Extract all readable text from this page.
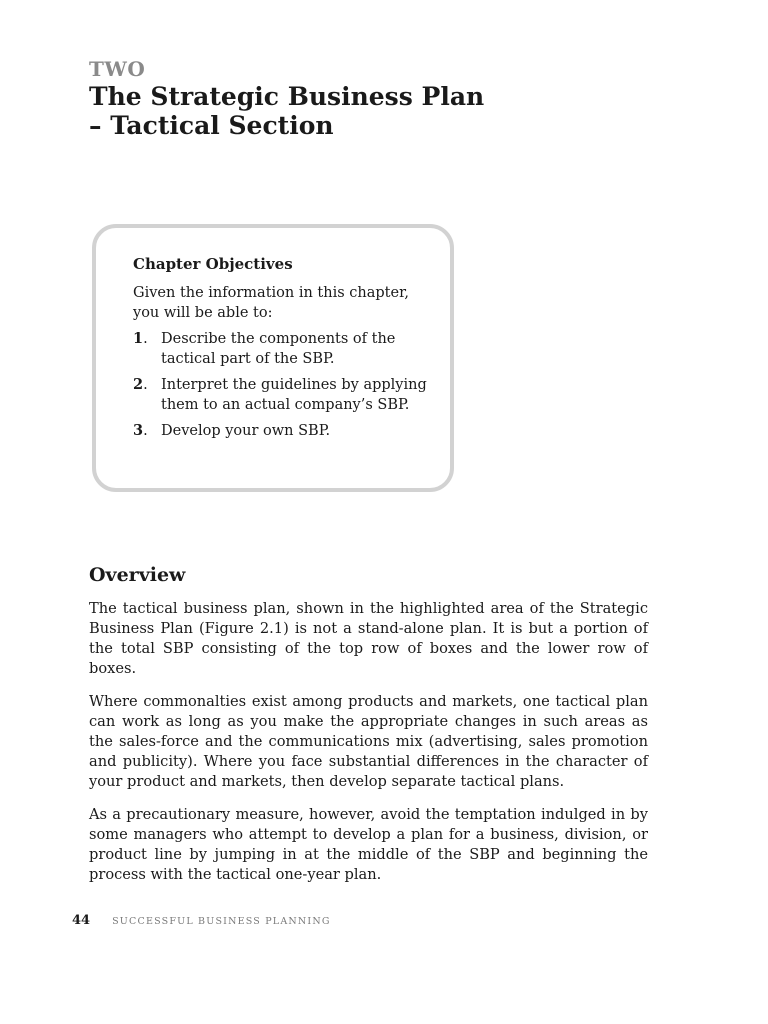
TWO
The Strategic Business Plan
– Tactical Section
Chapter Objectives

Given the information in this chapter, you will be able to:

1. Describe the components of the tactical part of the SBP.
2. Interpret the guidelines by applying them to an actual company’s SBP.
3. Develop your own SBP.
Overview

The tactical business plan, shown in the highlighted area of the Strategic Business Plan (Figure 2.1) is not a stand-alone plan. It is but a portion of the total SBP consisting of the top row of boxes and the lower row of boxes.

Where commonalties exist among products and markets, one tactical plan can work as long as you make the appropriate changes in such areas as the sales-force and the communications mix (advertising, sales promotion and publicity). Where you face substantial differences in the character of your product and markets, then develop separate tactical plans.

As a precautionary measure, however, avoid the temptation indulged in by some managers who attempt to develop a plan for a business, division, or product line by jumping in at the middle of the SBP and beginning the process with the tactical one-year plan.

44 SUCCESSFUL BUSINESS PLANNING
